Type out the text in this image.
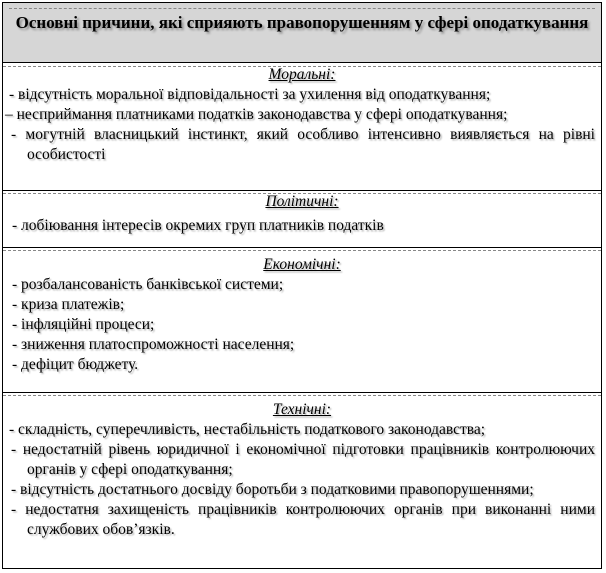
Основні причини, які сприяють правопорушенням у сфері оподаткування
Моральні:
- відсутність моральної відповідальності за ухилення від оподаткування;
– несприймання платниками податків законодавства у сфері оподаткування;
- могутній власницький інстинкт, який особливо інтенсивно виявляється на рівні особистості
Політичні:
- лобіювання інтересів окремих груп платників податків
Економічні:
- розбалансованість банківської системи;
- криза платежів;
- інфляційні процеси;
- зниження платоспроможності населення;
- дефіцит бюджету.
Технічні:
- складність, суперечливість, нестабільність податкового законодавства;
- недостатній рівень юридичної і економічної підготовки працівників контролюючих органів у сфері оподаткування;
- відсутність достатнього досвіду боротьби з податковими правопорушеннями;
- недостатня захищеність працівників контролюючих органів при виконанні ними службових обов’язків.
